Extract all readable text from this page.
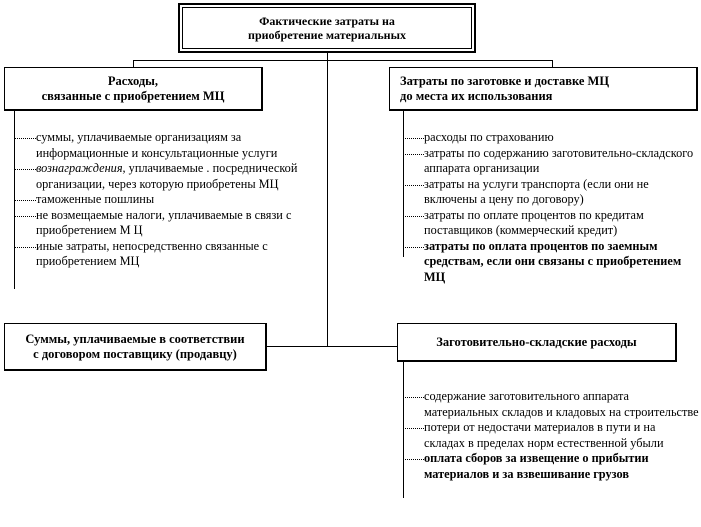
Фактические затраты на
приобретение материальных
Расходы,
связанные с приобретением МЦ
Затраты по заготовке и доставке МЦ
до места их использования
Суммы, уплачиваемые в соответствии
с договором поставщику (продавцу)
Заготовительно-складские расходы
суммы, уплачиваемые организациям за информационные и консультационные услуги
вознаграждения, уплачиваемые . посреднической организации, через которую приобретены МЦ
таможенные пошлины
не возмещаемые налоги, уплачиваемые в связи с приобретением М Ц
иные затраты, непосредственно связанные с приобретением МЦ
расходы по страхованию
затраты по содержанию заготовительно-складского аппарата организации
затраты на услуги транспорта (если они не включены а цену по договору)
затраты по оплате процентов по кредитам поставщиков (коммерческий кредит)
затраты по оплата процентов по заемным средствам, если они связаны с приобретением МЦ
содержание заготовительного аппарата материальных складов и кладовых на строительстве
потери от недостачи материалов в пути и на складах в пределах норм естественной убыли
оплата сборов за извещение о прибытии материалов и за взвешивание грузов
